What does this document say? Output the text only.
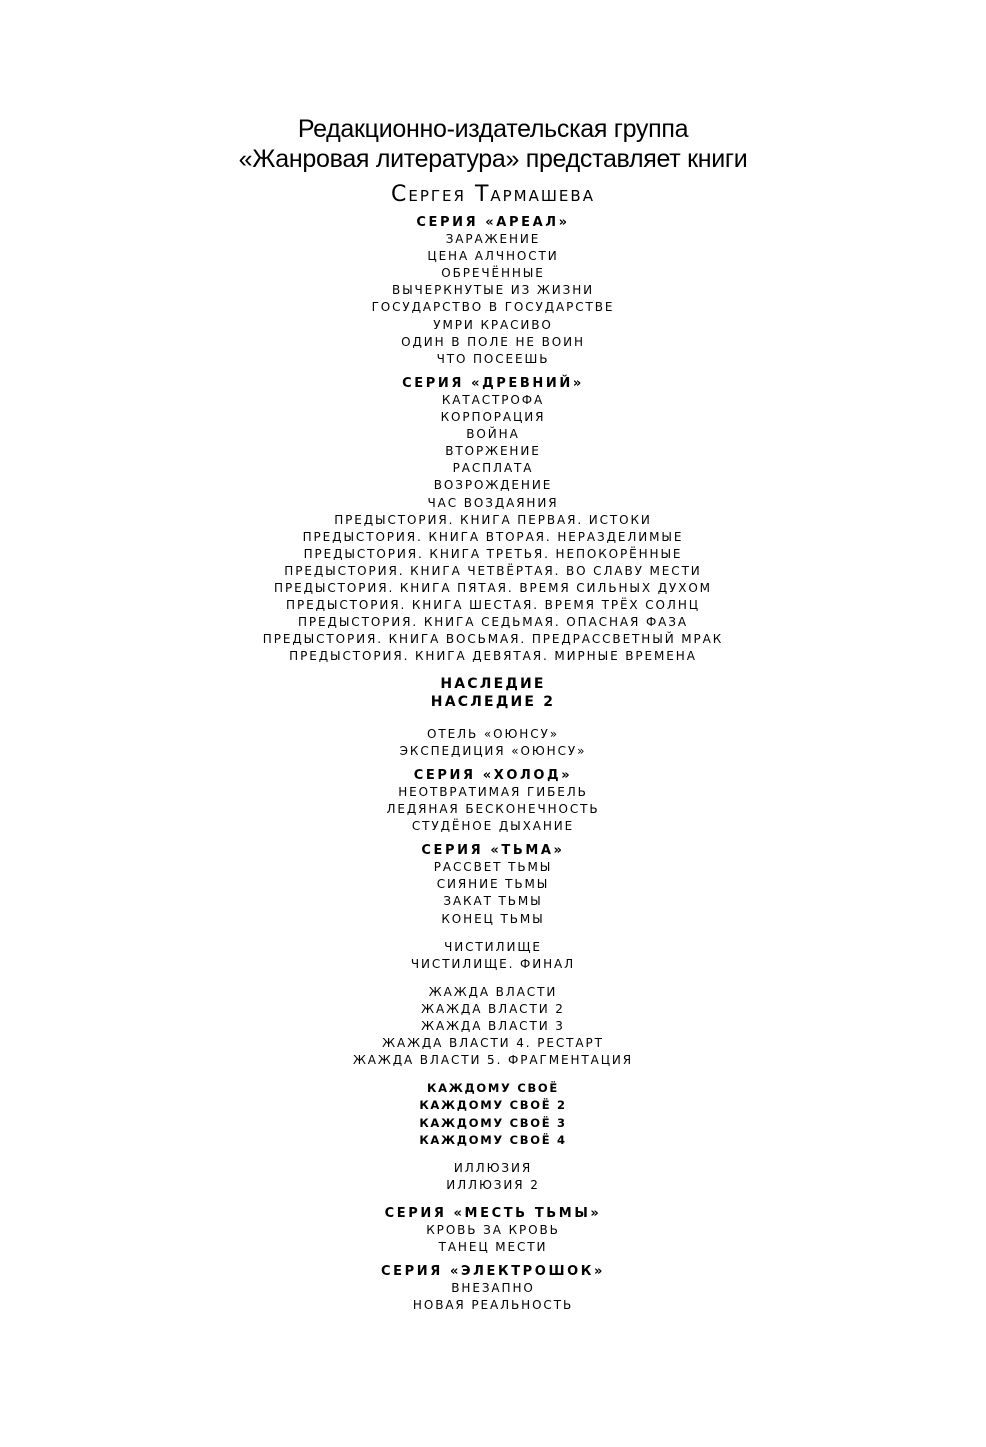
Редакционно-издательская группа
«Жанровая литература» представляет книги
Сергея Тармашева
СЕРИЯ «АРЕАЛ»
ЗАРАЖЕНИЕ
ЦЕНА АЛЧНОСТИ
ОБРЕЧЁННЫЕ
ВЫЧЕРКНУТЫЕ ИЗ ЖИЗНИ
ГОСУДАРСТВО В ГОСУДАРСТВЕ
УМРИ КРАСИВО
ОДИН В ПОЛЕ НЕ ВОИН
ЧТО ПОСЕЕШЬ
СЕРИЯ «ДРЕВНИЙ»
КАТАСТРОФА
КОРПОРАЦИЯ
ВОЙНА
ВТОРЖЕНИЕ
РАСПЛАТА
ВОЗРОЖДЕНИЕ
ЧАС ВОЗДАЯНИЯ
ПРЕДЫСТОРИЯ. КНИГА ПЕРВАЯ. ИСТОКИ
ПРЕДЫСТОРИЯ. КНИГА ВТОРАЯ. НЕРАЗДЕЛИМЫЕ
ПРЕДЫСТОРИЯ. КНИГА ТРЕТЬЯ. НЕПОКОРЁННЫЕ
ПРЕДЫСТОРИЯ. КНИГА ЧЕТВЁРТАЯ. ВО СЛАВУ МЕСТИ
ПРЕДЫСТОРИЯ. КНИГА ПЯТАЯ. ВРЕМЯ СИЛЬНЫХ ДУХОМ
ПРЕДЫСТОРИЯ. КНИГА ШЕСТАЯ. ВРЕМЯ ТРЁХ СОЛНЦ
ПРЕДЫСТОРИЯ. КНИГА СЕДЬМАЯ. ОПАСНАЯ ФАЗА
ПРЕДЫСТОРИЯ. КНИГА ВОСЬМАЯ. ПРЕДРАССВЕТНЫЙ МРАК
ПРЕДЫСТОРИЯ. КНИГА ДЕВЯТАЯ. МИРНЫЕ ВРЕМЕНА
НАСЛЕДИЕ
НАСЛЕДИЕ 2
ОТЕЛЬ «ОЮНСУ»
ЭКСПЕДИЦИЯ «ОЮНСУ»
СЕРИЯ «ХОЛОД»
НЕОТВРАТИМАЯ ГИБЕЛЬ
ЛЕДЯНАЯ БЕСКОНЕЧНОСТЬ
СТУДЁНОЕ ДЫХАНИЕ
СЕРИЯ «ТЬМА»
РАССВЕТ ТЬМЫ
СИЯНИЕ ТЬМЫ
ЗАКАТ ТЬМЫ
КОНЕЦ ТЬМЫ
ЧИСТИЛИЩЕ
ЧИСТИЛИЩЕ. ФИНАЛ
ЖАЖДА ВЛАСТИ
ЖАЖДА ВЛАСТИ 2
ЖАЖДА ВЛАСТИ 3
ЖАЖДА ВЛАСТИ 4. РЕСТАРТ
ЖАЖДА ВЛАСТИ 5. ФРАГМЕНТАЦИЯ
КАЖДОМУ СВОЁ
КАЖДОМУ СВОЁ 2
КАЖДОМУ СВОЁ 3
КАЖДОМУ СВОЁ 4
ИЛЛЮЗИЯ
ИЛЛЮЗИЯ 2
СЕРИЯ «МЕСТЬ ТЬМЫ»
КРОВЬ ЗА КРОВЬ
ТАНЕЦ МЕСТИ
СЕРИЯ «ЭЛЕКТРОШОК»
ВНЕЗАПНО
НОВАЯ РЕАЛЬНОСТЬ
